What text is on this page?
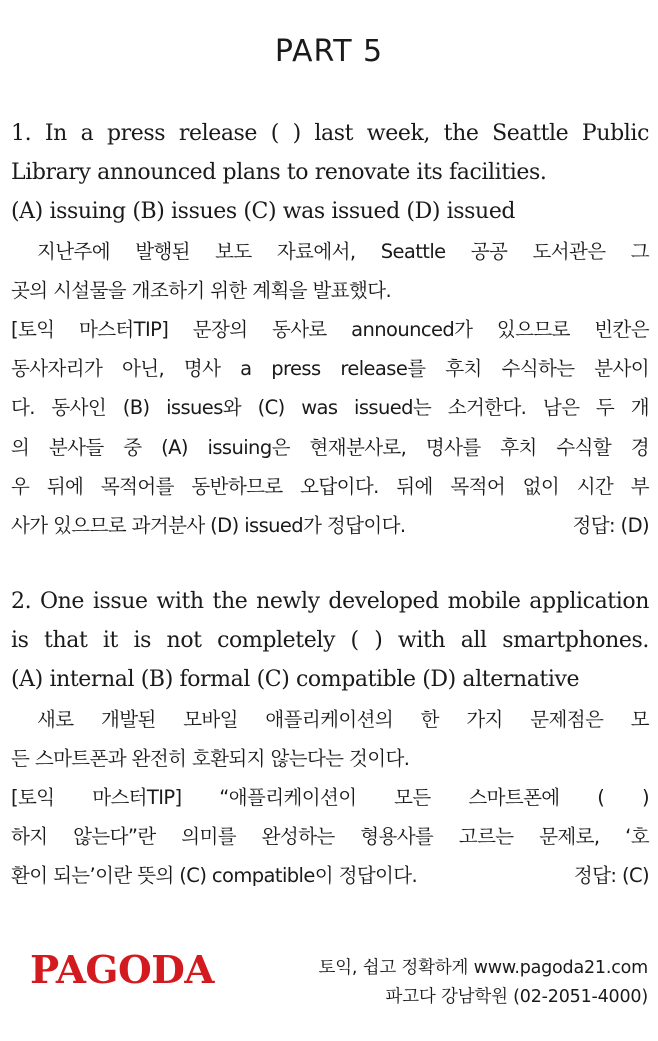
PART 5
1. In a press release ( ) last week, the Seattle Public
Library announced plans to renovate its facilities.
(A) issuing (B) issues (C) was issued (D) issued
지난주에 발행된 보도 자료에서, Seattle 공공 도서관은 그
곳의 시설물을 개조하기 위한 계획을 발표했다.
[토익 마스터TIP] 문장의 동사로 announced가 있으므로 빈칸은
동사자리가 아닌, 명사 a press release를 후치 수식하는 분사이
다. 동사인 (B) issues와 (C) was issued는 소거한다. 남은 두 개
의 분사들 중 (A) issuing은 현재분사로, 명사를 후치 수식할 경
우 뒤에 목적어를 동반하므로 오답이다. 뒤에 목적어 없이 시간 부
사가 있으므로 과거분사 (D) issued가 정답이다.	정답: (D)
2. One issue with the newly developed mobile application
is that it is not completely ( ) with all smartphones.
(A) internal (B) formal (C) compatible (D) alternative
새로 개발된 모바일 애플리케이션의 한 가지 문제점은 모
든 스마트폰과 완전히 호환되지 않는다는 것이다.
[토익 마스터TIP] “애플리케이션이 모든 스마트폰에 ( )
하지 않는다”란 의미를 완성하는 형용사를 고르는 문제로, ‘호
환이 되는’이란 뜻의 (C) compatible이 정답이다.	정답: (C)
PAGODA	토익, 쉽고 정확하게 www.pagoda21.com
파고다 강남학원 (02-2051-4000)
